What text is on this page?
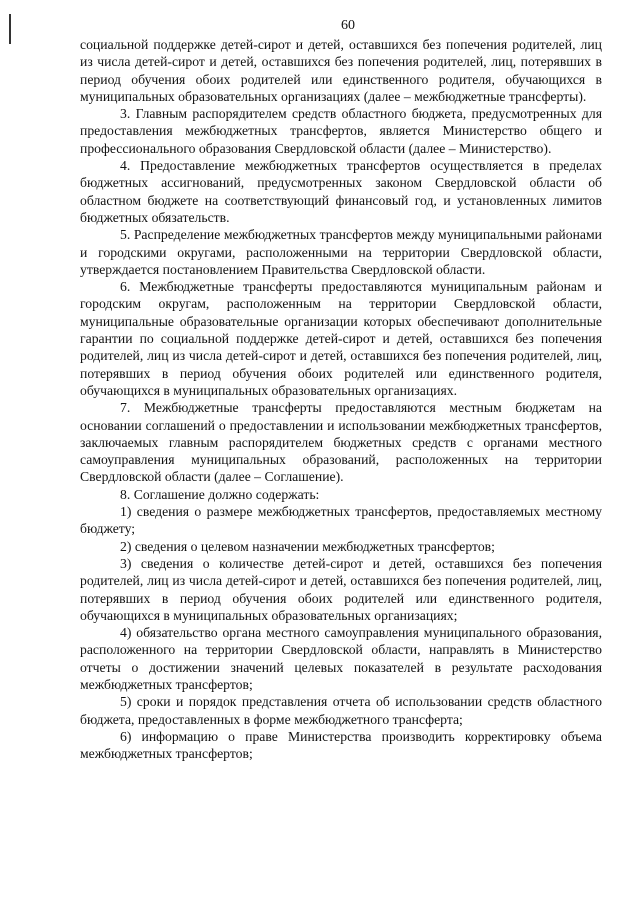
60

социальной поддержке детей-сирот и детей, оставшихся без попечения родителей, лиц из числа детей-сирот и детей, оставшихся без попечения родителей, лиц, потерявших в период обучения обоих родителей или единственного родителя, обучающихся в муниципальных образовательных организациях (далее – межбюджетные трансферты).

3. Главным распорядителем средств областного бюджета, предусмотренных для предоставления межбюджетных трансфертов, является Министерство общего и профессионального образования Свердловской области (далее – Министерство).

4. Предоставление межбюджетных трансфертов осуществляется в пределах бюджетных ассигнований, предусмотренных законом Свердловской области об областном бюджете на соответствующий финансовый год, и установленных лимитов бюджетных обязательств.

5. Распределение межбюджетных трансфертов между муниципальными районами и городскими округами, расположенными на территории Свердловской области, утверждается постановлением Правительства Свердловской области.

6. Межбюджетные трансферты предоставляются муниципальным районам и городским округам, расположенным на территории Свердловской области, муниципальные образовательные организации которых обеспечивают дополнительные гарантии по социальной поддержке детей-сирот и детей, оставшихся без попечения родителей, лиц из числа детей-сирот и детей, оставшихся без попечения родителей, лиц, потерявших в период обучения обоих родителей или единственного родителя, обучающихся в муниципальных образовательных организациях.

7. Межбюджетные трансферты предоставляются местным бюджетам на основании соглашений о предоставлении и использовании межбюджетных трансфертов, заключаемых главным распорядителем бюджетных средств с органами местного самоуправления муниципальных образований, расположенных на территории Свердловской области (далее – Соглашение).

8. Соглашение должно содержать:

1) сведения о размере межбюджетных трансфертов, предоставляемых местному бюджету;

2) сведения о целевом назначении межбюджетных трансфертов;

3) сведения о количестве детей-сирот и детей, оставшихся без попечения родителей, лиц из числа детей-сирот и детей, оставшихся без попечения родителей, лиц, потерявших в период обучения обоих родителей или единственного родителя, обучающихся в муниципальных образовательных организациях;

4) обязательство органа местного самоуправления муниципального образования, расположенного на территории Свердловской области, направлять в Министерство отчеты о достижении значений целевых показателей в результате расходования межбюджетных трансфертов;

5) сроки и порядок представления отчета об использовании средств областного бюджета, предоставленных в форме межбюджетного трансферта;

6) информацию о праве Министерства производить корректировку объема межбюджетных трансфертов;
